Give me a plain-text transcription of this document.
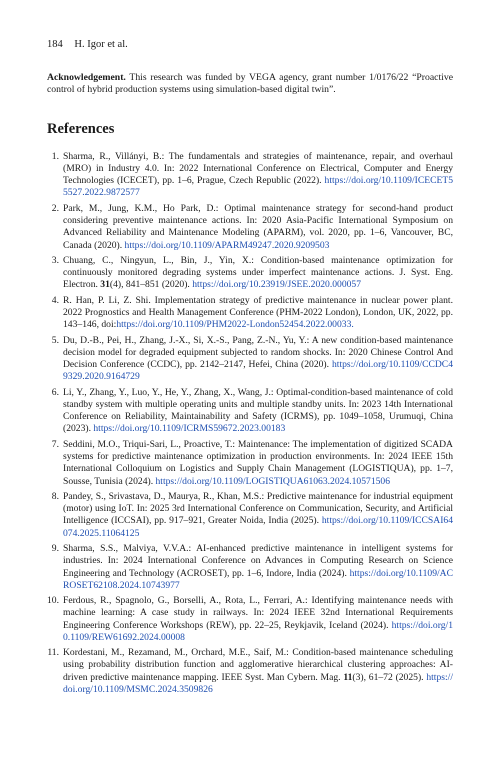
184 H. Igor et al.

Acknowledgement. This research was funded by VEGA agency, grant number 1/0176/22 “Proactive control of hybrid production systems using simulation-based digital twin”.

References
1. Sharma, R., Villányi, B.: The fundamentals and strategies of maintenance, repair, and overhaul (MRO) in Industry 4.0. In: 2022 International Conference on Electrical, Computer and Energy Technologies (ICECET), pp. 1–6, Prague, Czech Republic (2022). https://doi.org/10.1109/ICECET55527.2022.9872577
2. Park, M., Jung, K.M., Ho Park, D.: Optimal maintenance strategy for second-hand product considering preventive maintenance actions. In: 2020 Asia-Pacific International Symposium on Advanced Reliability and Maintenance Modeling (APARM), vol. 2020, pp. 1–6, Vancouver, BC, Canada (2020). https://doi.org/10.1109/APARM49247.2020.9209503
3. Chuang, C., Ningyun, L., Bin, J., Yin, X.: Condition-based maintenance optimization for continuously monitored degrading systems under imperfect maintenance actions. J. Syst. Eng. Electron. 31(4), 841–851 (2020). https://doi.org/10.23919/JSEE.2020.000057
4. R. Han, P. Li, Z. Shi. Implementation strategy of predictive maintenance in nuclear power plant. 2022 Prognostics and Health Management Conference (PHM-2022 London), London, UK, 2022, pp. 143–146, doi:https://doi.org/10.1109/PHM2022-London52454.2022.00033.
5. Du, D.-B., Pei, H., Zhang, J.-X., Si, X.-S., Pang, Z.-N., Yu, Y.: A new condition-based maintenance decision model for degraded equipment subjected to random shocks. In: 2020 Chinese Control And Decision Conference (CCDC), pp. 2142–2147, Hefei, China (2020). https://doi.org/10.1109/CCDC49329.2020.9164729
6. Li, Y., Zhang, Y., Luo, Y., He, Y., Zhang, X., Wang, J.: Optimal-condition-based maintenance of cold standby system with multiple operating units and multiple standby units. In: 2023 14th International Conference on Reliability, Maintainability and Safety (ICRMS), pp. 1049–1058, Urumuqi, China (2023). https://doi.org/10.1109/ICRMS59672.2023.00183
7. Seddini, M.O., Triqui-Sari, L., Proactive, T.: Maintenance: The implementation of digitized SCADA systems for predictive maintenance optimization in production environments. In: 2024 IEEE 15th International Colloquium on Logistics and Supply Chain Management (LOGISTIQUA), pp. 1–7, Sousse, Tunisia (2024). https://doi.org/10.1109/LOGISTIQUA61063.2024.10571506
8. Pandey, S., Srivastava, D., Maurya, R., Khan, M.S.: Predictive maintenance for industrial equipment (motor) using IoT. In: 2025 3rd International Conference on Communication, Security, and Artificial Intelligence (ICCSAI), pp. 917–921, Greater Noida, India (2025). https://doi.org/10.1109/ICCSAI64074.2025.11064125
9. Sharma, S.S., Malviya, V.V.A.: AI-enhanced predictive maintenance in intelligent systems for industries. In: 2024 International Conference on Advances in Computing Research on Science Engineering and Technology (ACROSET), pp. 1–6, Indore, India (2024). https://doi.org/10.1109/ACROSET62108.2024.10743977
10. Ferdous, R., Spagnolo, G., Borselli, A., Rota, L., Ferrari, A.: Identifying maintenance needs with machine learning: A case study in railways. In: 2024 IEEE 32nd International Requirements Engineering Conference Workshops (REW), pp. 22–25, Reykjavik, Iceland (2024). https://doi.org/10.1109/REW61692.2024.00008
11. Kordestani, M., Rezamand, M., Orchard, M.E., Saif, M.: Condition-based maintenance scheduling using probability distribution function and agglomerative hierarchical clustering approaches: AI-driven predictive maintenance mapping. IEEE Syst. Man Cybern. Mag. 11(3), 61–72 (2025). https://doi.org/10.1109/MSMC.2024.3509826
